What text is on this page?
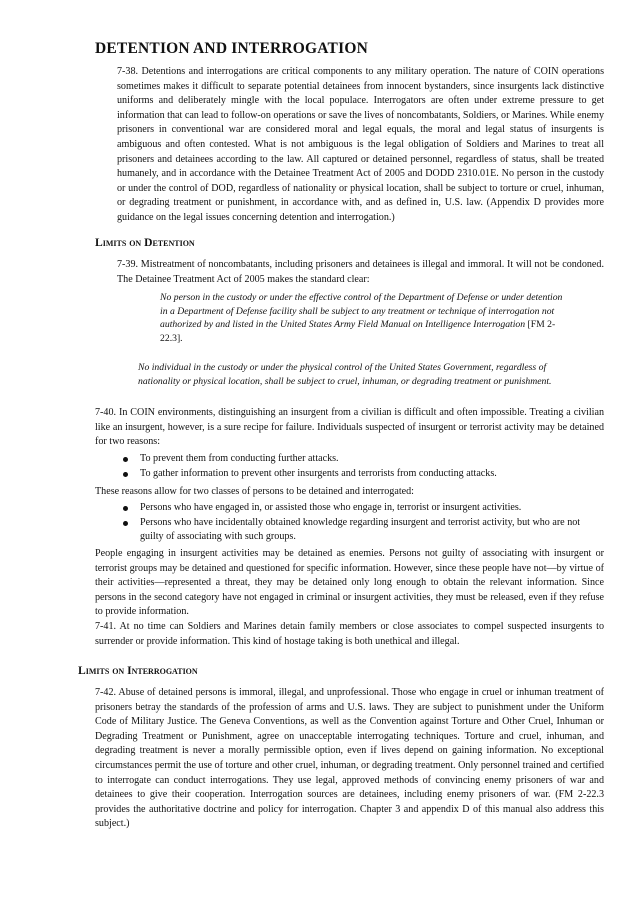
DETENTION AND INTERROGATION

7-38. Detentions and interrogations are critical components to any military operation. The nature of COIN operations sometimes makes it difficult to separate potential detainees from innocent bystanders, since insurgents lack distinctive uniforms and deliberately mingle with the local populace. Interrogators are often under extreme pressure to get information that can lead to follow-on operations or save the lives of noncombatants, Soldiers, or Marines. While enemy prisoners in conventional war are considered moral and legal equals, the moral and legal status of insurgents is ambiguous and often contested. What is not ambiguous is the legal obligation of Soldiers and Marines to treat all prisoners and detainees according to the law. All captured or detained personnel, regardless of status, shall be treated humanely, and in accordance with the Detainee Treatment Act of 2005 and DODD 2310.01E. No person in the custody or under the control of DOD, regardless of nationality or physical location, shall be subject to torture or cruel, inhuman, or degrading treatment or punishment, in accordance with, and as defined in, U.S. law. (Appendix D provides more guidance on the legal issues concerning detention and interrogation.)

Limits on Detention

7-39. Mistreatment of noncombatants, including prisoners and detainees is illegal and immoral. It will not be condoned. The Detainee Treatment Act of 2005 makes the standard clear:

No person in the custody or under the effective control of the Department of Defense or under detention in a Department of Defense facility shall be subject to any treatment or technique of interrogation not authorized by and listed in the United States Army Field Manual on Intelligence Interrogation [FM 2-22.3].

No individual in the custody or under the physical control of the United States Government, regardless of nationality or physical location, shall be subject to cruel, inhuman, or degrading treatment or punishment.

7-40. In COIN environments, distinguishing an insurgent from a civilian is difficult and often impossible. Treating a civilian like an insurgent, however, is a sure recipe for failure. Individuals suspected of insurgent or terrorist activity may be detained for two reasons:

To prevent them from conducting further attacks.
To gather information to prevent other insurgents and terrorists from conducting attacks.

These reasons allow for two classes of persons to be detained and interrogated:

Persons who have engaged in, or assisted those who engage in, terrorist or insurgent activities.
Persons who have incidentally obtained knowledge regarding insurgent and terrorist activity, but who are not guilty of associating with such groups.

People engaging in insurgent activities may be detained as enemies. Persons not guilty of associating with insurgent or terrorist groups may be detained and questioned for specific information. However, since these people have not—by virtue of their activities—represented a threat, they may be detained only long enough to obtain the relevant information. Since persons in the second category have not engaged in criminal or insurgent activities, they must be released, even if they refuse to provide information.

7-41. At no time can Soldiers and Marines detain family members or close associates to compel suspected insurgents to surrender or provide information. This kind of hostage taking is both unethical and illegal.

Limits on Interrogation

7-42. Abuse of detained persons is immoral, illegal, and unprofessional. Those who engage in cruel or inhuman treatment of prisoners betray the standards of the profession of arms and U.S. laws. They are subject to punishment under the Uniform Code of Military Justice. The Geneva Conventions, as well as the Convention against Torture and Other Cruel, Inhuman or Degrading Treatment or Punishment, agree on unacceptable interrogating techniques. Torture and cruel, inhuman, and degrading treatment is never a morally permissible option, even if lives depend on gaining information. No exceptional circumstances permit the use of torture and other cruel, inhuman, or degrading treatment. Only personnel trained and certified to interrogate can conduct interrogations. They use legal, approved methods of convincing enemy prisoners of war and detainees to give their cooperation. Interrogation sources are detainees, including enemy prisoners of war. (FM 2-22.3 provides the authoritative doctrine and policy for interrogation. Chapter 3 and appendix D of this manual also address this subject.)
